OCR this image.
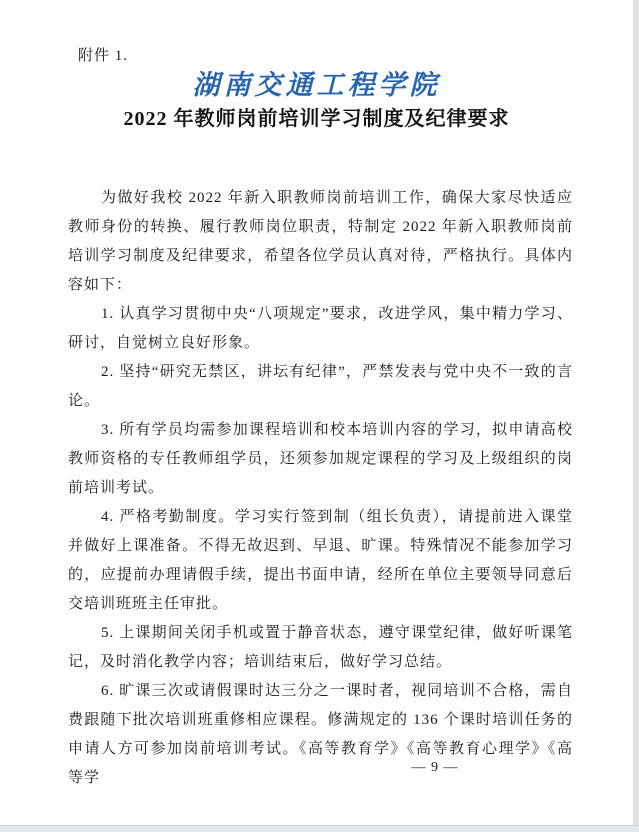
附件 1.
湖南交通工程学院
2022 年教师岗前培训学习制度及纪律要求

为做好我校 2022 年新入职教师岗前培训工作，确保大家尽快适应教师身份的转换、履行教师岗位职责，特制定 2022 年新入职教师岗前培训学习制度及纪律要求，希望各位学员认真对待，严格执行。具体内容如下：

1. 认真学习贯彻中央“八项规定”要求，改进学风，集中精力学习、研讨，自觉树立良好形象。

2. 坚持“研究无禁区，讲坛有纪律”，严禁发表与党中央不一致的言论。

3. 所有学员均需参加课程培训和校本培训内容的学习，拟申请高校教师资格的专任教师组学员，还须参加规定课程的学习及上级组织的岗前培训考试。

4. 严格考勤制度。学习实行签到制（组长负责），请提前进入课堂并做好上课准备。不得无故迟到、早退、旷课。特殊情况不能参加学习的，应提前办理请假手续，提出书面申请，经所在单位主要领导同意后交培训班班主任审批。

5. 上课期间关闭手机或置于静音状态，遵守课堂纪律，做好听课笔记，及时消化教学内容；培训结束后，做好学习总结。

6. 旷课三次或请假课时达三分之一课时者，视同培训不合格，需自费跟随下批次培训班重修相应课程。修满规定的 136 个课时培训任务的申请人方可参加岗前培训考试。《高等教育学》《高等教育心理学》《高等学

— 9 —
